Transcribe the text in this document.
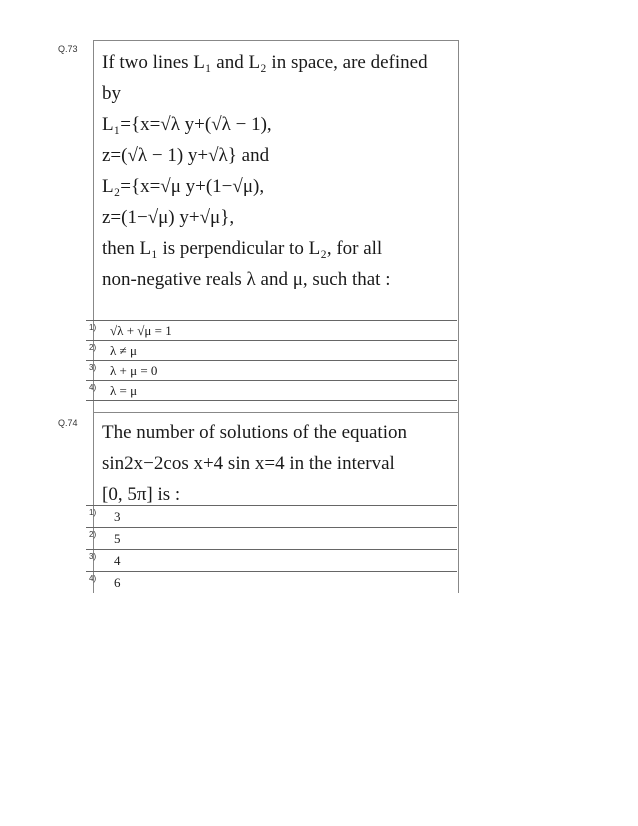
Q.73
If two lines L₁ and L₂ in space, are defined
by
L₁={x=√λ y+(√λ − 1),
z=(√λ − 1) y+√λ} and
L₂={x=√μ y+(1−√μ),
z=(1−√μ) y+√μ},
then L₁ is perpendicular to L₂, for all
non-negative reals λ and μ, such that :
1) √λ + √μ = 1
2) λ ≠ μ
3) λ + μ = 0
4) λ = μ
Q.74 The number of solutions of the equation
sin2x−2cos x+4 sin x=4 in the interval
[0, 5π] is :
1) 3
2) 5
3) 4
4) 6
